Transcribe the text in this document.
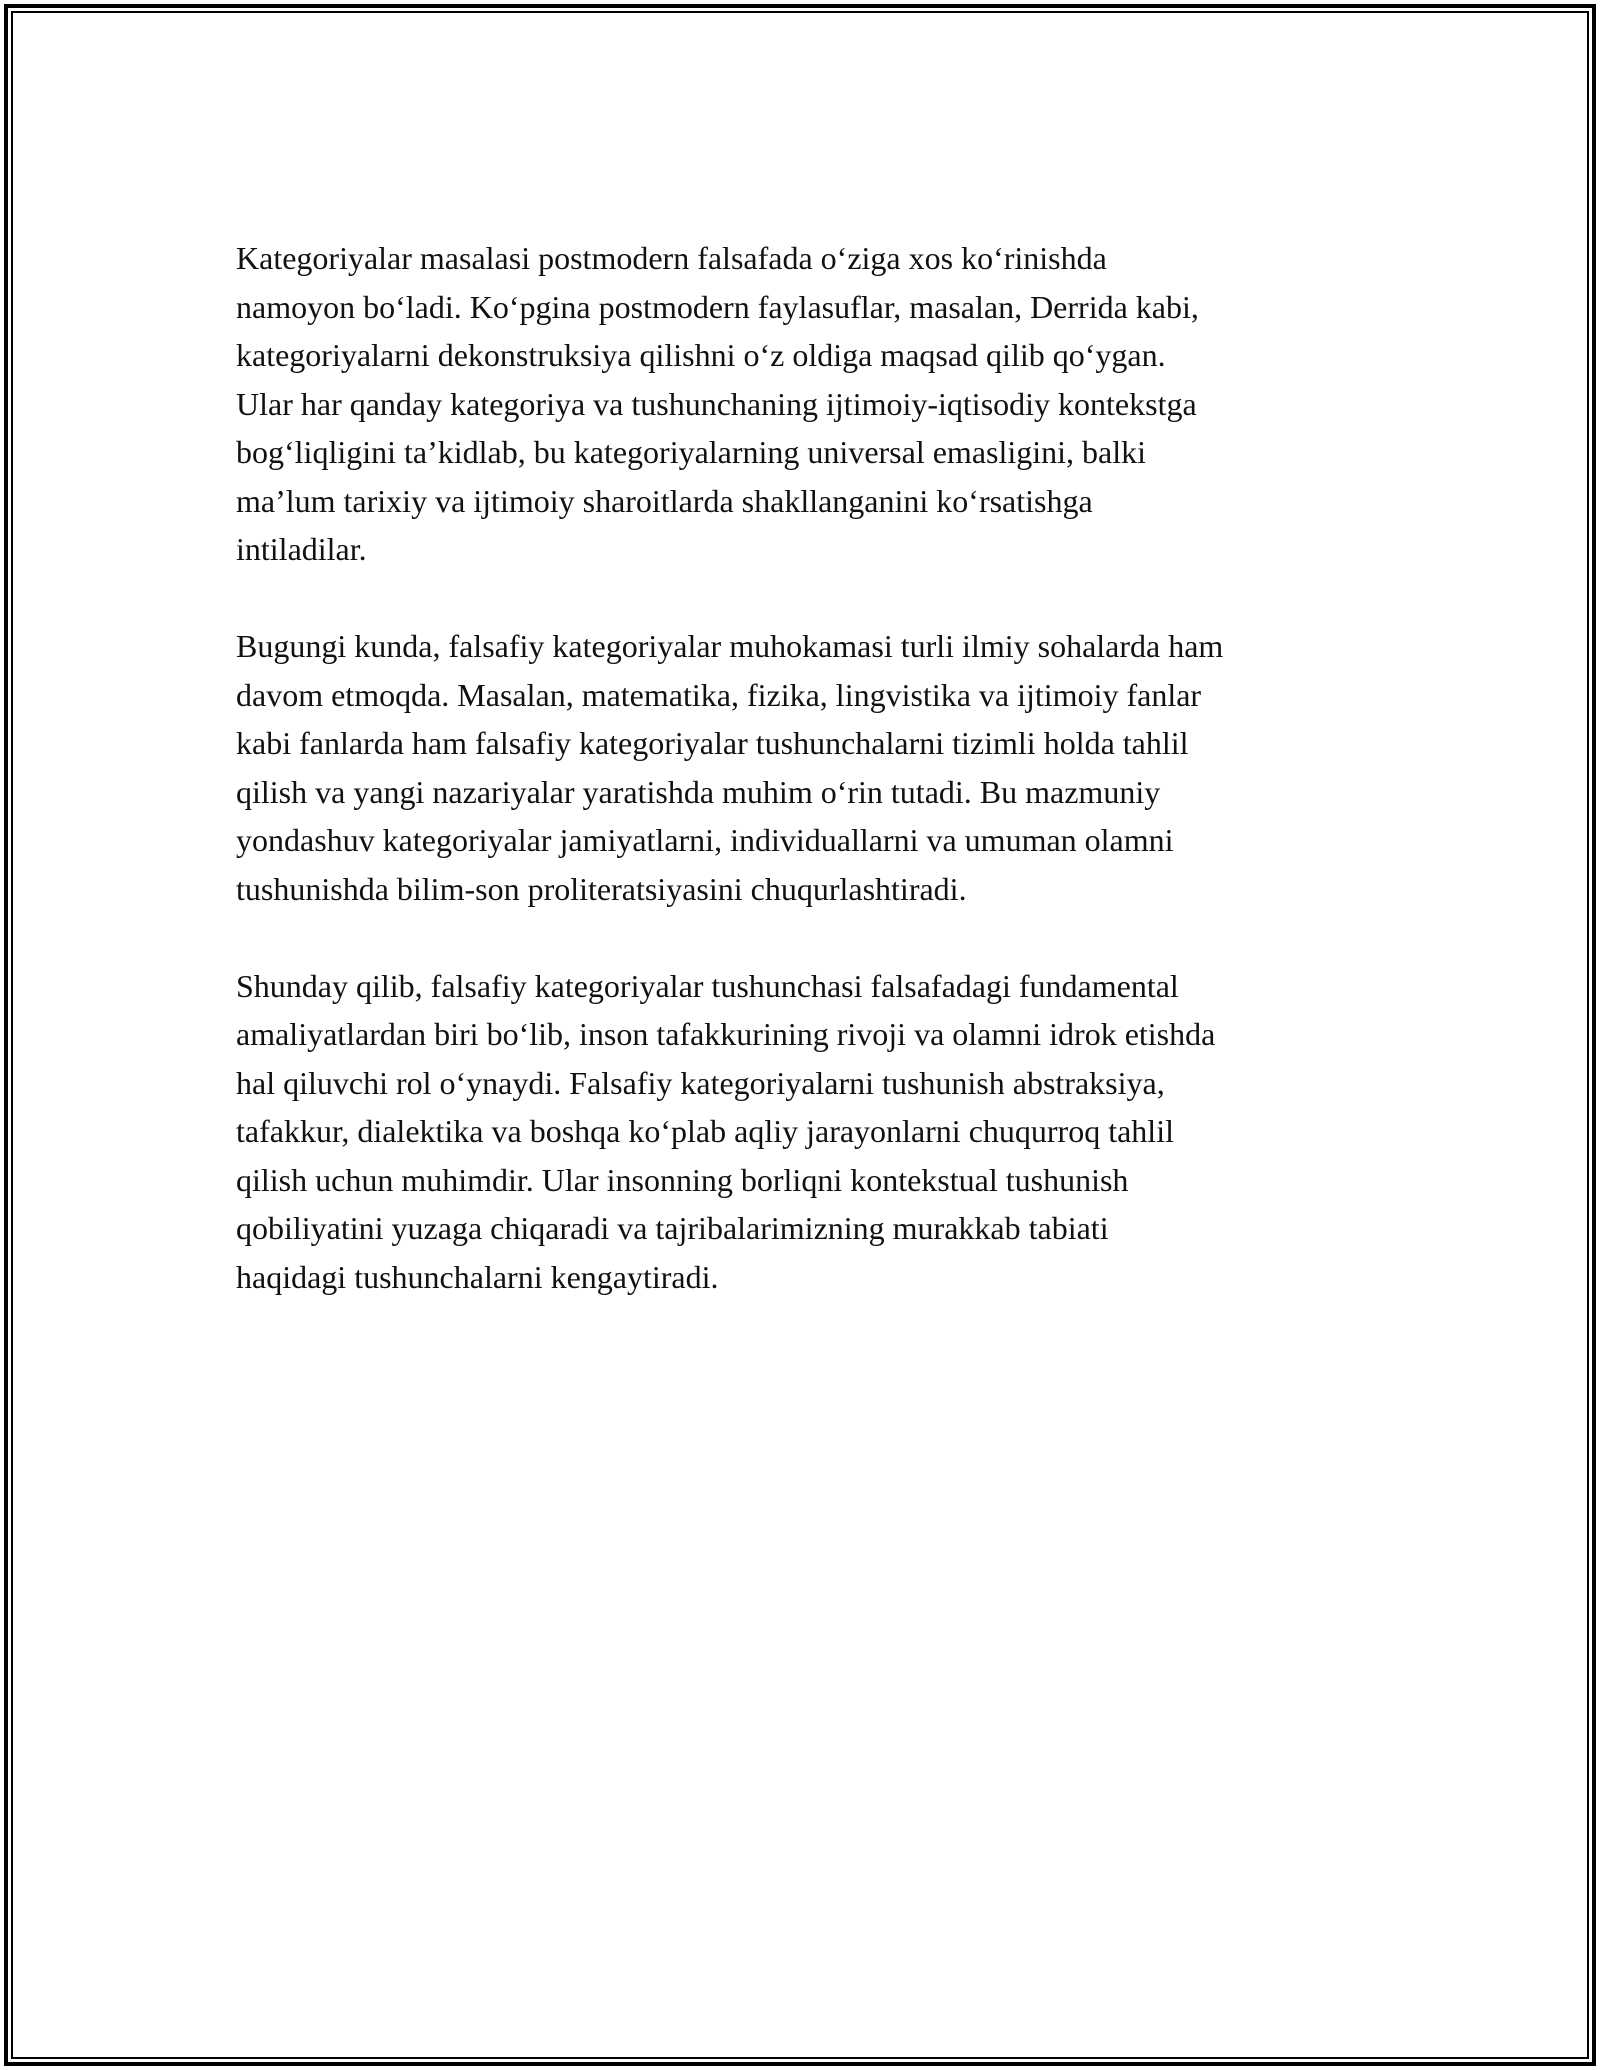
Kategoriyalar masalasi postmodern falsafada o‘ziga xos ko‘rinishda
namoyon bo‘ladi. Ko‘pgina postmodern faylasuflar, masalan, Derrida kabi,
kategoriyalarni dekonstruksiya qilishni o‘z oldiga maqsad qilib qo‘ygan.
Ular har qanday kategoriya va tushunchaning ijtimoiy-iqtisodiy kontekstga
bog‘liqligini ta’kidlab, bu kategoriyalarning universal emasligini, balki
ma’lum tarixiy va ijtimoiy sharoitlarda shakllanganini ko‘rsatishga
intiladilar.

Bugungi kunda, falsafiy kategoriyalar muhokamasi turli ilmiy sohalarda ham
davom etmoqda. Masalan, matematika, fizika, lingvistika va ijtimoiy fanlar
kabi fanlarda ham falsafiy kategoriyalar tushunchalarni tizimli holda tahlil
qilish va yangi nazariyalar yaratishda muhim o‘rin tutadi. Bu mazmuniy
yondashuv kategoriyalar jamiyatlarni, individuallarni va umuman olamni
tushunishda bilim-son proliteratsiyasini chuqurlashtiradi.

Shunday qilib, falsafiy kategoriyalar tushunchasi falsafadagi fundamental
amaliyatlardan biri bo‘lib, inson tafakkurining rivoji va olamni idrok etishda
hal qiluvchi rol o‘ynaydi. Falsafiy kategoriyalarni tushunish abstraksiya,
tafakkur, dialektika va boshqa ko‘plab aqliy jarayonlarni chuqurroq tahlil
qilish uchun muhimdir. Ular insonning borliqni kontekstual tushunish
qobiliyatini yuzaga chiqaradi va tajribalarimizning murakkab tabiati
haqidagi tushunchalarni kengaytiradi.
